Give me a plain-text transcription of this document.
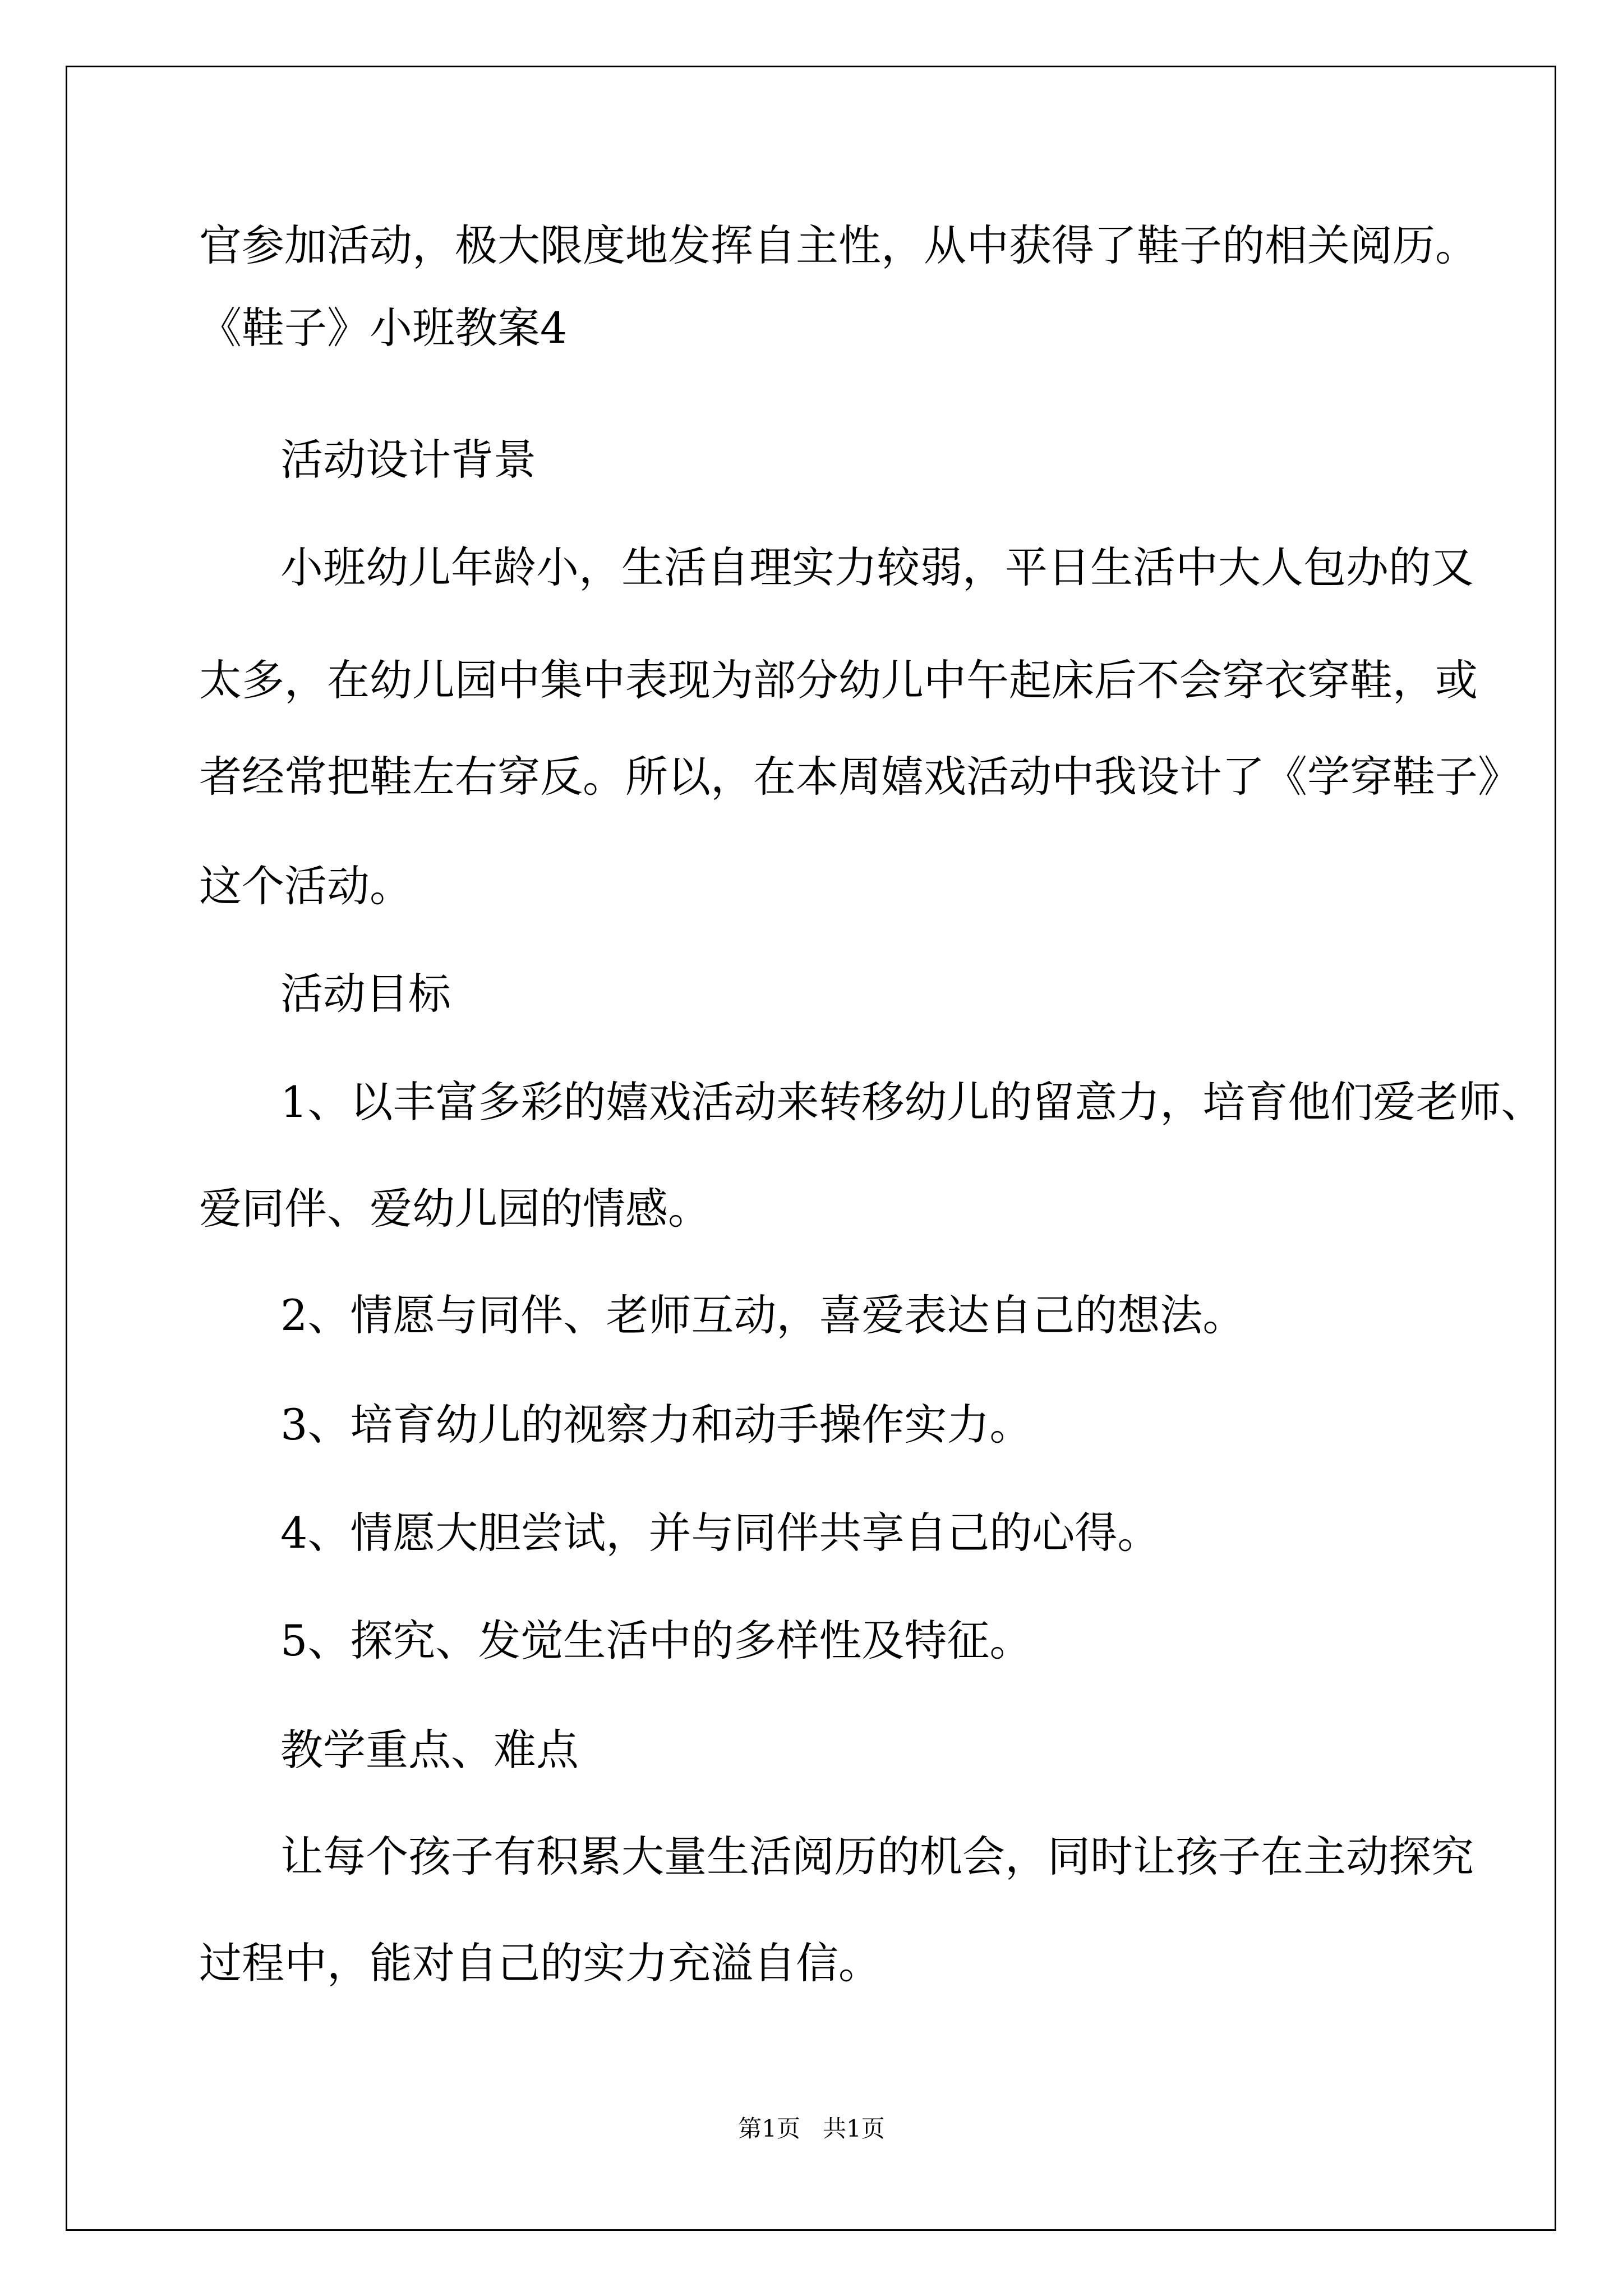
官参加活动，极大限度地发挥自主性，从中获得了鞋子的相关阅历。
《鞋子》小班教案4
活动设计背景
小班幼儿年龄小，生活自理实力较弱，平日生活中大人包办的又
太多，在幼儿园中集中表现为部分幼儿中午起床后不会穿衣穿鞋，或
者经常把鞋左右穿反。所以，在本周嬉戏活动中我设计了《学穿鞋子》
这个活动。
活动目标
1、以丰富多彩的嬉戏活动来转移幼儿的留意力，培育他们爱老师、
爱同伴、爱幼儿园的情感。
2、情愿与同伴、老师互动，喜爱表达自己的想法。
3、培育幼儿的视察力和动手操作实力。
4、情愿大胆尝试，并与同伴共享自己的心得。
5、探究、发觉生活中的多样性及特征。
教学重点、难点
让每个孩子有积累大量生活阅历的机会，同时让孩子在主动探究
过程中，能对自己的实力充溢自信。
第1页   共1页
